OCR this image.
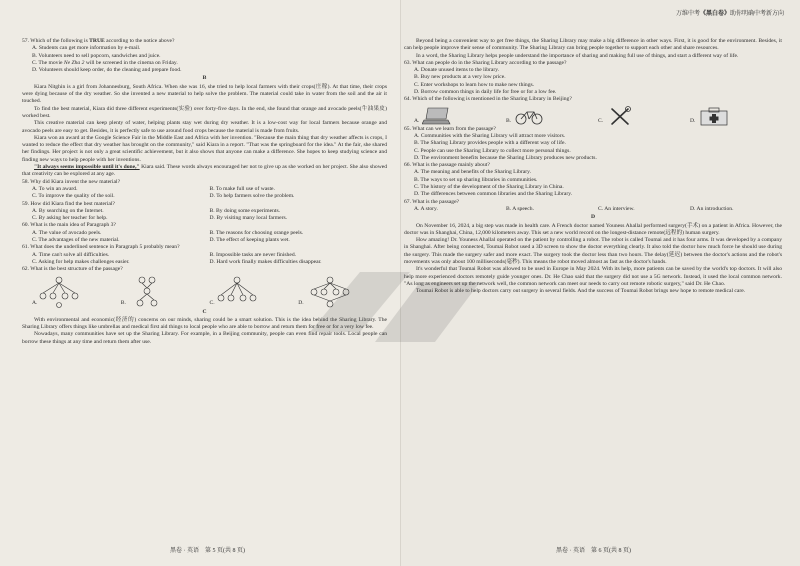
万维中考《黑白卷》助你明确中考新方向

57. Which of the following is TRUE according to the notice above?

A. Students can get more information by e-mail.

B. Volunteers need to sell popcorn, sandwiches and juice.

C. The movie Ne Zha 2 will be screened in the cinema on Friday.

D. Volunteers should keep order, do the cleaning and prepare food.

B

Kiara Nitghin is a girl from Johannesburg, South Africa. When she was 16, she tried to help local farmers with their crops(庄稼). At that time, their crops were dying because of the dry weather. So she invented a new material to help solve the problem. The material could take in water from the soil and the air it touched.

To find the best material, Kiara did three different experiments(实验) over forty-five days. In the end, she found that orange and avocado peels(牛油果皮) worked best.

This creative material can keep plenty of water, helping plants stay wet during dry weather. It is a low-cost way for local farmers because orange and avocado peels are easy to get. Besides, it is perfectly safe to use around food crops because the material is made from fruits.

Kiara won an award at the Google Science Fair in the Middle East and Africa with her invention. "Because the main thing that dry weather affects is crops, I wanted to reduce the effect that dry weather has brought on the community," said Kiara in a report. "That was the springboard for the idea." At the fair, she shared her findings. Her project is not only a great scientific achievement, but it also shows that anyone can make a difference. She hopes to keep studying science and finding new ways to help people with her inventions.

"It always seems impossible until it's done," Kiara said. These words always encouraged her not to give up as she worked on her project. She also showed that creativity can be explored at any age.

58. Why did Kiara invent the new material?

A. To win an award.	B. To make full use of waste.
C. To improve the quality of the soil.	D. To help farmers solve the problem.

59. How did Kiara find the best material?

A. By searching on the Internet.	B. By doing some experiments.
C. By asking her teacher for help.	D. By visiting many local farmers.

60. What is the main idea of Paragraph 3?

A. The value of avocado peels.	B. The reasons for choosing orange peels.
C. The advantages of the new material.	D. The effect of keeping plants wet.

61. What does the underlined sentence in Paragraph 5 probably mean?

A. Time can't solve all difficulties.	B. Impossible tasks are never finished.
C. Asking for help makes challenges easier.	D. Hard work finally makes difficulties disappear.

62. What is the best structure of the passage?

A.	B.	C.	D.

C

With environmental and economic(经济的) concerns on our minds, sharing could be a smart solution. This is the idea behind the Sharing Library. The Sharing Library offers things like umbrellas and medical first aid things to local people who are able to borrow and return them for free or for a very low fee.

Nowadays, many communities have set up the Sharing Library. For example, in a Beijing community, people can even find repair tools. Local people can borrow these things at any time and return them after use.

黑卷 · 英语　第 5 页(共 8 页)

Beyond being a convenient way to get free things, the Sharing Library may make a big difference in other ways. First, it is good for the environment. Besides, it can help people improve their sense of community. The Sharing Library can bring people together to support each other and share resources.

In a word, the Sharing Library helps people understand the importance of sharing and making full use of things, and start a different way of life.

63. What can people do in the Sharing Library according to the passage?

A. Donate unused items to the library.

B. Buy new products at a very low price.

C. Enter workshops to learn how to make new things.

D. Borrow common things in daily life for free or for a low fee.

64. Which of the following is mentioned in the Sharing Library in Beijing?

A.	B.	C.	D.

65. What can we learn from the passage?

A. Communities with the Sharing Library will attract more visitors.

B. The Sharing Library provides people with a different way of life.

C. People can use the Sharing Library to collect more personal things.

D. The environment benefits because the Sharing Library produces new products.

66. What is the passage mainly about?

A. The meaning and benefits of the Sharing Library.

B. The ways to set up sharing libraries in communities.

C. The history of the development of the Sharing Library in China.

D. The differences between common libraries and the Sharing Library.

67. What is the passage?

A. A story.	B. A speech.	C. An interview.	D. An introduction.

D

On November 16, 2024, a big step was made in health care. A French doctor named Youness Ahallal performed surgery(手术) on a patient in Africa. However, the doctor was in Shanghai, China, 12,000 kilometers away. This set a new world record on the longest-distance remote(远程的) human surgery.

How amazing! Dr. Youness Ahallal operated on the patient by controlling a robot. The robot is called Toumai and it has four arms. It was developed by a company in Shanghai. After being connected, Toumai Robot used a 3D screen to show the doctor everything clearly. It also told the doctor how much force he should use during the surgery. This made the surgery safer and more exact. The surgery took the doctor less than two hours. The delay(延迟) between the doctor's actions and the robot's movements was only about 100 milliseconds(毫秒). This means the robot moved almost as fast as the doctor's hands.

It's wonderful that Toumai Robot was allowed to be used in Europe in May 2024. With its help, more patients can be saved by the world's top doctors. It will also help more experienced doctors remotely guide younger ones. Dr. He Chao said that the surgery did not use a 5G network. Instead, it used the local common network. "As long as engineers set up the network well, the common network can meet our needs to carry out remote robotic surgery," said Dr. He Chao.

Toumai Robot is able to help doctors carry out surgery in several fields. And the success of Toumai Robot brings new hope to remote medical care.

黑卷 · 英语　第 6 页(共 8 页)
